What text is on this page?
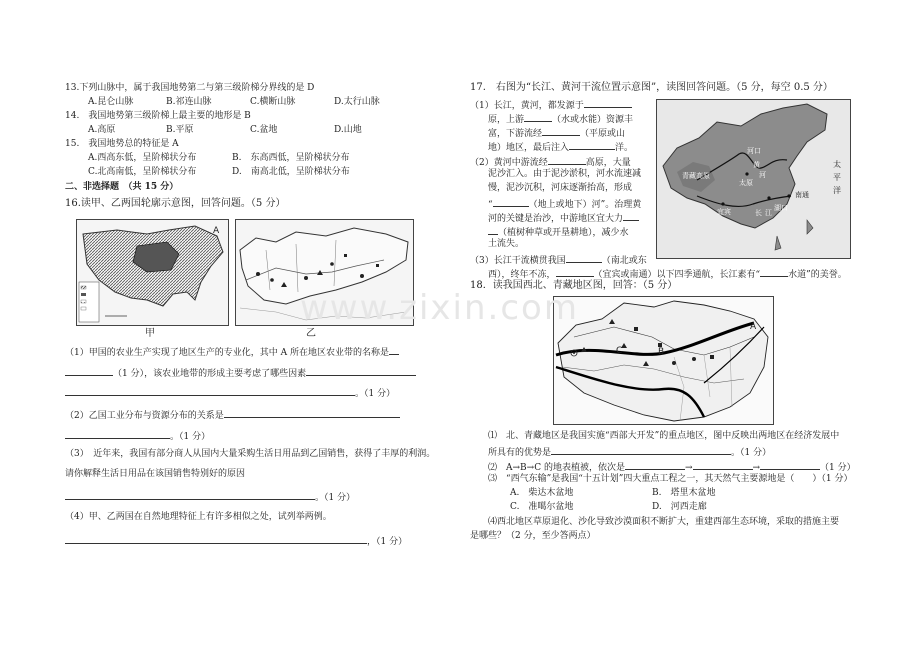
13.下列山脉中，属于我国地势第二与第三级阶梯分界线的是 D
A.昆仑山脉	B.祁连山脉	C.横断山脉	D.太行山脉
14.　我国地势第三级阶梯上最主要的地形是 B
A.高原	B.平原	C.盆地	D.山地
15.　我国地势总的特征是 A
A.西高东低，呈阶梯状分布	B.　东高西低，呈阶梯状分布
C.北高南低，呈阶梯状分布	D.　南高北低，呈阶梯状分布
二、非选择题　（共 15 分）
16.读甲、乙两国轮廓示意图，回答问题。（5 分）
A
甲	乙
（1）甲国的农业生产实现了地区生产的专业化，其中 A 所在地区农业带的名称是
（1 分），该农业地带的形成主要考虑了哪些因素
。（1 分）
（2）乙国工业分布与资源分布的关系是
。（1 分）
（3）　近年来，我国有部分商人从国内大量采购生活日用品到乙国销售，获得了丰厚的利润。
请你解释生活日用品在该国销售特别好的原因
。（1 分）
（4）甲、乙两国在自然地理特征上有许多相似之处，试列举两例。
，（1 分）
17.　右图为“长江、黄河干流位置示意图”，读图回答问题。（5 分，每空 0.5 分）
（1）长江，黄河，都发源于
原，上游	（水或水能）资源丰
富，下游流经	（平原或山
地）地区，最后注入	洋。
（2）黄河中游流经	高原，大量
泥沙汇入。由于泥沙淤积，河水流速减
慢，泥沙沉积，河床逐渐抬高，形成
“	（地上或地下）河”。治理黄
河的关键是治沙，中游地区宜大力
（植树种草或开垦耕地），减少水
土流失。
（3）长江干流横贯我国	（南北或东
西），终年不冻，	（宜宾或南通）以下四季通航，长江素有“	水道”的美誉。
青藏高原
河口
黄
河
太原
宜宾	长 江
湖口
南通
太平洋
18．读我国西北、青藏地区图，回答：（5 分）
A
B
C
⑴　北、青藏地区是我国实施“西部大开发”的重点地区，图中反映出两地区在经济发展中
所具有的优势是	。（1 分）
⑵　A→B→C 的地表植被，依次是	→	→	（1 分）
⑶　“西气东输”是我国“十五计划”四大重点工程之一，其天然气主要源地是（　　）（1 分）
A.　柴达木盆地	B.　塔里木盆地
C.　准噶尔盆地	D.　河西走廊
⑷西北地区草原退化、沙化导致沙漠面积不断扩大，重建西部生态环境，采取的措施主要
是哪些？（2 分，至少答两点）
www.zixin.com
